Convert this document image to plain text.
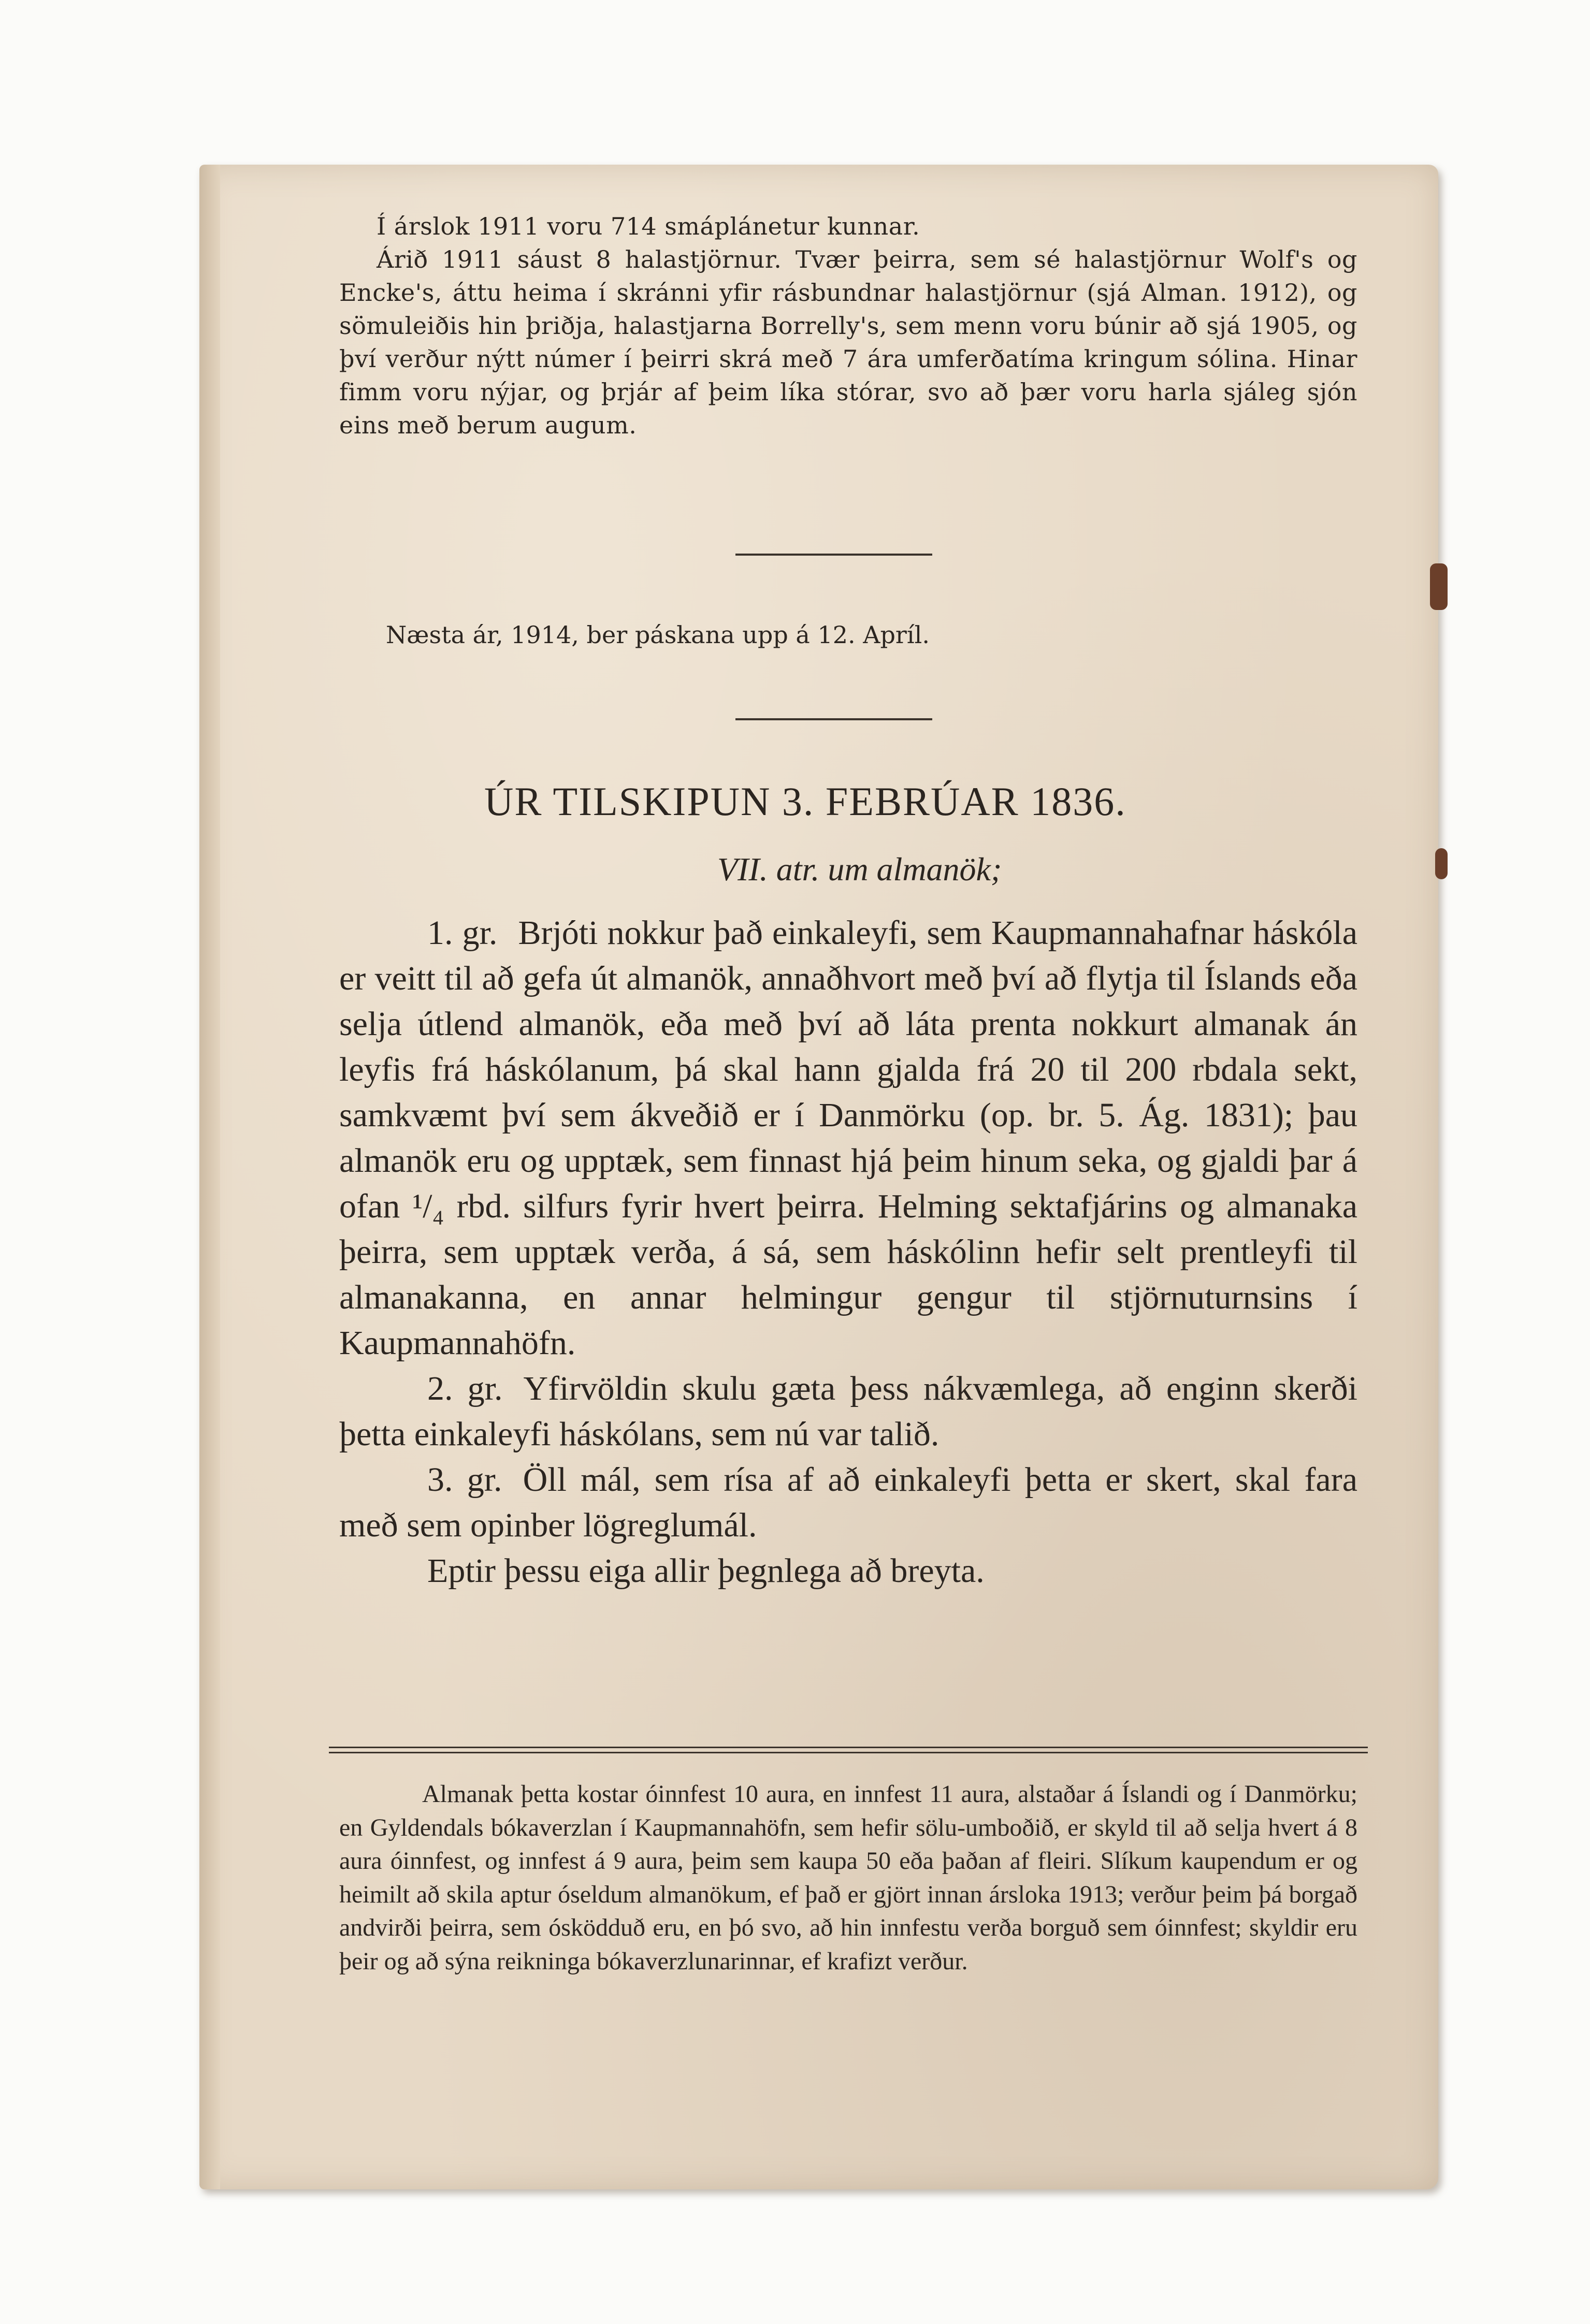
Í árslok 1911 voru 714 smáplánetur kunnar.

Árið 1911 sáust 8 halastjörnur. Tvær þeirra, sem sé halastjörnur Wolf's og Encke's, áttu heima í skránni yfir rásbundnar halastjörnur (sjá Alman. 1912), og sömuleiðis hin þriðja, halastjarna Borrelly's, sem menn voru búnir að sjá 1905, og því verður nýtt númer í þeirri skrá með 7 ára umferðatíma kringum sólina. Hinar fimm voru nýjar, og þrjár af þeim líka stórar, svo að þær voru harla sjáleg sjón eins með berum augum.

Næsta ár, 1914, ber páskana upp á 12. Apríl.
ÚR TILSKIPUN 3. FEBRÚAR 1836.
VII. atr. um almanök;

1. gr. Brjóti nokkur það einkaleyfi, sem Kaupmannahafnar háskóla er veitt til að gefa út almanök, annaðhvort með því að flytja til Íslands eða selja útlend almanök, eða með því að láta prenta nokkurt almanak án leyfis frá háskólanum, þá skal hann gjalda frá 20 til 200 rbdala sekt, samkvæmt því sem ákveðið er í Danmörku (op. br. 5. Ág. 1831); þau almanök eru og upptæk, sem finnast hjá þeim hinum seka, og gjaldi þar á ofan ¹/₄ rbd. silfurs fyrir hvert þeirra. Helming sektafjárins og almanaka þeirra, sem upptæk verða, á sá, sem háskólinn hefir selt prentleyfi til almanakanna, en annar helmingur gengur til stjörnuturnsins í Kaupmannahöfn.

2. gr. Yfirvöldin skulu gæta þess nákvæmlega, að enginn skerði þetta einkaleyfi háskólans, sem nú var talið.

3. gr. Öll mál, sem rísa af að einkaleyfi þetta er skert, skal fara með sem opinber lögreglumál.

Eptir þessu eiga allir þegnlega að breyta.

Almanak þetta kostar óinnfest 10 aura, en innfest 11 aura, alstaðar á Íslandi og í Danmörku; en Gyldendals bókaverzlan í Kaupmannahöfn, sem hefir sölu-umboðið, er skyld til að selja hvert á 8 aura óinnfest, og innfest á 9 aura, þeim sem kaupa 50 eða þaðan af fleiri. Slíkum kaupendum er og heimilt að skila aptur óseldum almanökum, ef það er gjört innan ársloka 1913; verður þeim þá borgað andvirði þeirra, sem ósködduð eru, en þó svo, að hin innfestu verða borguð sem óinnfest; skyldir eru þeir og að sýna reikninga bókaverzlunarinnar, ef krafizt verður.
